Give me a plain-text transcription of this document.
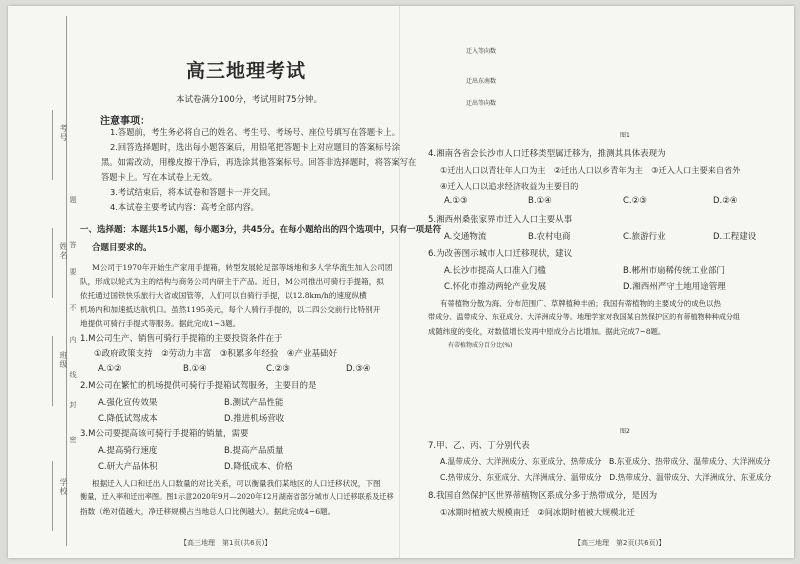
考号
姓名
班级
学校
题
答
要
不
内
线
封
密
高三地理考试
本试卷满分100分，考试用时75分钟。
注意事项：
1.答题前，考生务必将自己的姓名、考生号、考场号、座位号填写在答题卡上。
2.回答选择题时，选出每小题答案后，用铅笔把答题卡上对应题目的答案标号涂
黑。如需改动，用橡皮擦干净后，再选涂其他答案标号。回答非选择题时，将答案写在
答题卡上。写在本试卷上无效。
3.考试结束后，将本试卷和答题卡一并交回。
4.本试卷主要考试内容：高考全部内容。
一、选择题：本题共15小题，每小题3分，共45分。在每小题给出的四个选项中，只有一项是符
合题目要求的。
M公司于1970年开始生产家用手提箱，转型发展轮足部等场地和多人学华流生加入公司团
队，形成以轮式为主的结构与商务公司内研主于产品。近日，M公司推出可骑行手提箱，拟
依托通过国铁快乐旅行大省或国管等，人们可以自骑行手提，以12.8km/h的速度纵横
机场内和加速抵达航机口。虽然1195美元，每个人骑行手提的，以二四公交前行比特别开
地提供可骑行手提式等服务。据此完成1~3题。
1.M公司生产、销售可骑行手提箱的主要投资条件在于
①政府政策支持　②劳动力丰富　③积累多年经验　④产业基础好
A.①②	B.①④	C.②③	D.③④
2.M公司在繁忙的机场提供可骑行手提箱试驾服务，主要目的是
A.强化宣传效果	B.测试产品性能
C.降低试驾成本	D.推进机场营收
3.M公司要提高该可骑行手提箱的销量，需要
A.提高骑行速度	B.提高产品质量
C.研大产品体积	D.降低成本、价格
根据迁入人口和迁出人口数量的对比关系，可以衡量我们某地区的人口迁移状况，下图
衡量，迁入率和迁出率图。图1示意2020年9月—2020年12月湖南省部分城市人口迁移联系及迁移
指数（绝对值越大，净迁移规模占当地总人口比例越大）。据此完成4~6题。
【高三地理　第1页(共6页)】
迁入等向数
迁出东南数
迁出等向数
图1
4.湘南各省会长沙市人口迁移类型属迁移为，推测其具体表现为
①迁出人口以青壮年人口为主　②迁出人口以乡青年为主　③迁入人口主要来自省外
④迁入人口以追求经济收益为主要目的
A.①③	B.①④	C.②③	D.②④
5.湘西州桑张家界市迁入人口主要从事
A.交通物流	B.农村电商	C.旅游行业	D.工程建设
6.为改善图示城市人口迁移现状，建议
A.长沙市提高人口准入门槛	B.郴州市扇稀传统工业部门
C.怀化市推动两轮产业发展	D.湘西州严守土地用途管理
有蒂植物分散为海、分布范围广、草牌植种丰函；我国有蒂植物的主要成分的成色以热
带成分、温带成分、东亚成分、大洋洲成分等。地理学家对我国某自然保护区的有蒂植物种种成分组
成随纬度的变化，对数值增长发再中原成分占比增加。据此完成7~8题。
有蒂植物成分百分比(%)
图2
7.甲、乙、丙、丁分别代表
A.温带成分、大洋洲成分、东亚成分、热带成分　B.东亚成分、热带成分、温带成分、大洋洲成分
C.热带成分、东亚成分、大洋洲成分、温带成分　D.热带成分、温带成分、大洋洲成分、东亚成分
8.我国自然保护区世界蒂植物区系成分多于热带成分，是因为
①冰期时植被大规模南迁　②间冰期时植被大规模北迁
【高三地理　第2页(共6页)】
